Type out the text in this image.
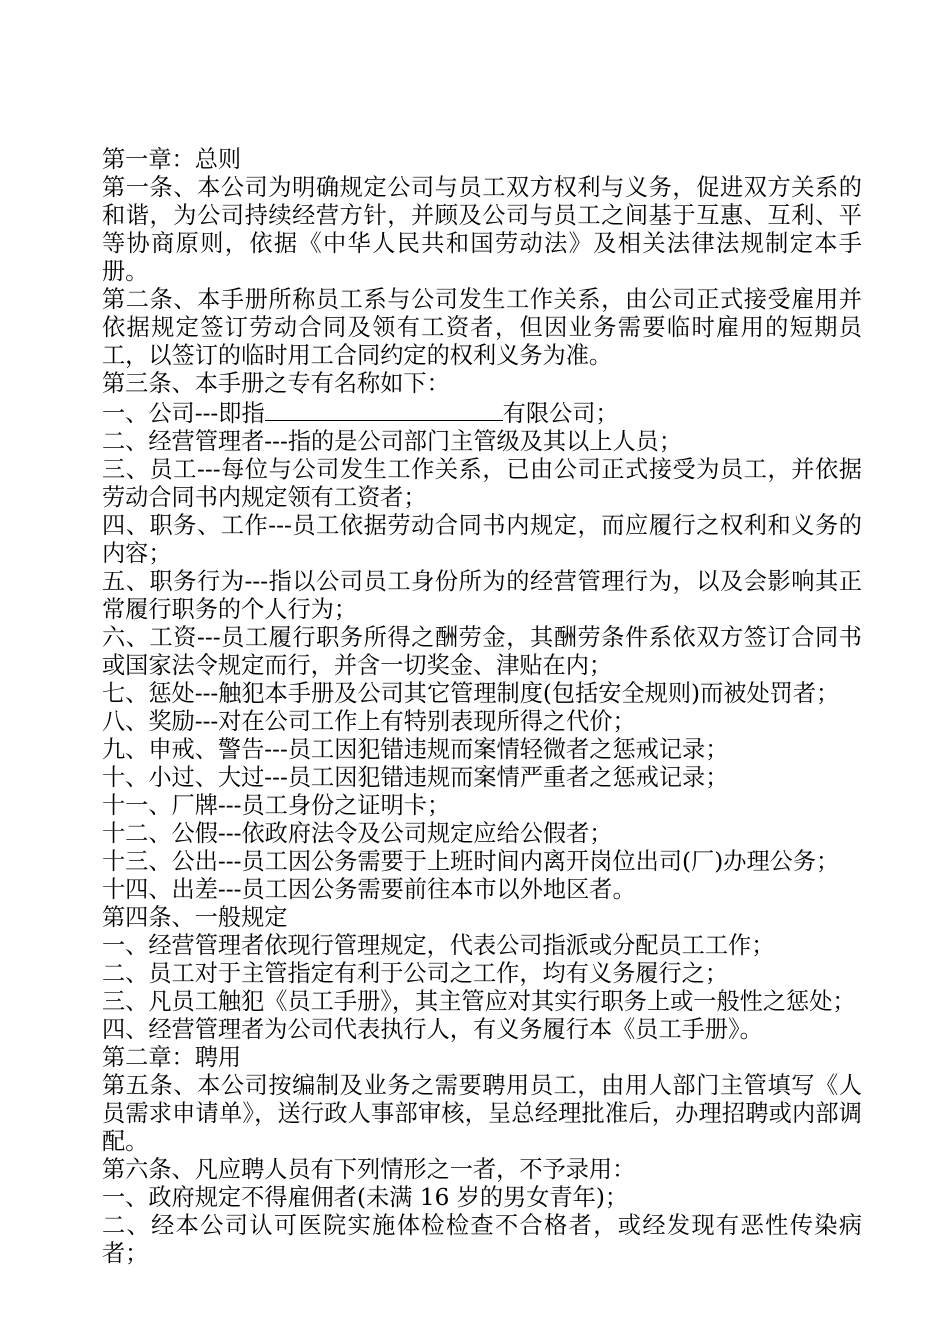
第一章：总则

第一条、本公司为明确规定公司与员工双方权利与义务，促进双方关系的和谐，为公司持续经营方针，并顾及公司与员工之间基于互惠、互利、平等协商原则，依据《中华人民共和国劳动法》及相关法律法规制定本手册。

第二条、本手册所称员工系与公司发生工作关系，由公司正式接受雇用并依据规定签订劳动合同及领有工资者，但因业务需要临时雇用的短期员工，以签订的临时用工合同约定的权利义务为准。

第三条、本手册之专有名称如下：

一、公司---即指	有限公司；

二、经营管理者---指的是公司部门主管级及其以上人员；

三、员工---每位与公司发生工作关系，已由公司正式接受为员工，并依据劳动合同书内规定领有工资者；

四、职务、工作---员工依据劳动合同书内规定，而应履行之权利和义务的内容；

五、职务行为---指以公司员工身份所为的经营管理行为，以及会影响其正常履行职务的个人行为；

六、工资---员工履行职务所得之酬劳金，其酬劳条件系依双方签订合同书或国家法令规定而行，并含一切奖金、津贴在内；

七、惩处---触犯本手册及公司其它管理制度(包括安全规则)而被处罚者；

八、奖励---对在公司工作上有特别表现所得之代价；

九、申戒、警告---员工因犯错违规而案情轻微者之惩戒记录；

十、小过、大过---员工因犯错违规而案情严重者之惩戒记录；

十一、厂牌---员工身份之证明卡；

十二、公假---依政府法令及公司规定应给公假者；

十三、公出---员工因公务需要于上班时间内离开岗位出司(厂)办理公务；

十四、出差---员工因公务需要前往本市以外地区者。

第四条、一般规定

一、经营管理者依现行管理规定，代表公司指派或分配员工工作；

二、员工对于主管指定有利于公司之工作，均有义务履行之；

三、凡员工触犯《员工手册》，其主管应对其实行职务上或一般性之惩处；

四、经营管理者为公司代表执行人，有义务履行本《员工手册》。

第二章：聘用

第五条、本公司按编制及业务之需要聘用员工，由用人部门主管填写《人员需求申请单》，送行政人事部审核，呈总经理批准后，办理招聘或内部调配。

第六条、凡应聘人员有下列情形之一者，不予录用：

一、政府规定不得雇佣者(未满 16 岁的男女青年)；

二、经本公司认可医院实施体检检查不合格者，或经发现有恶性传染病者；
